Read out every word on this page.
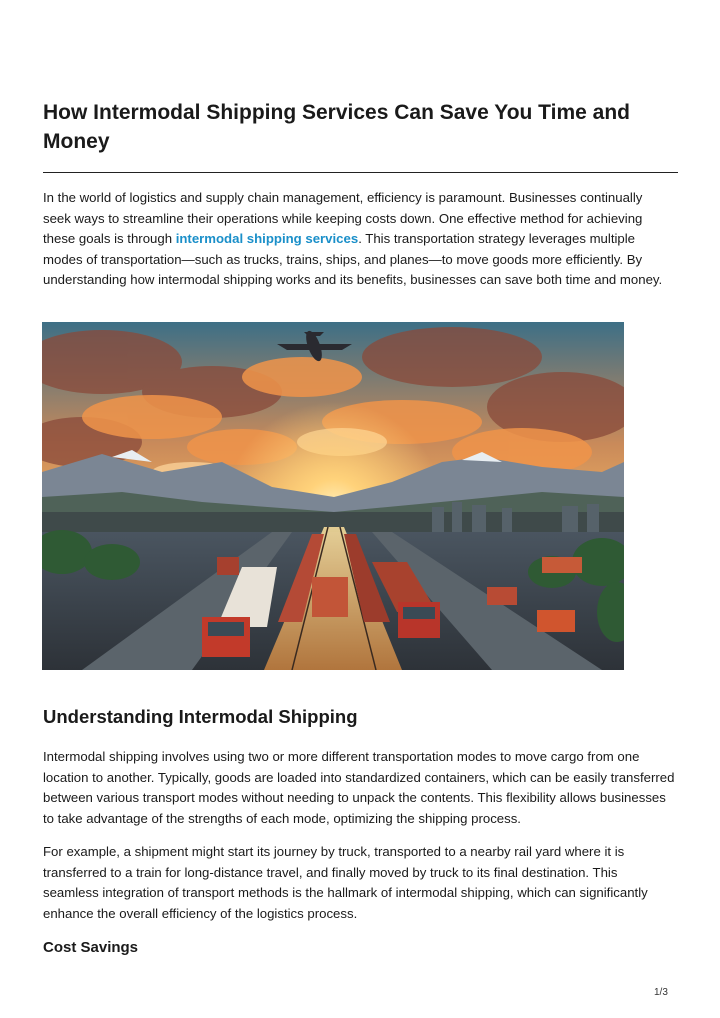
How Intermodal Shipping Services Can Save You Time and Money

In the world of logistics and supply chain management, efficiency is paramount. Businesses continually seek ways to streamline their operations while keeping costs down. One effective method for achieving these goals is through intermodal shipping services. This transportation strategy leverages multiple modes of transportation—such as trucks, trains, ships, and planes—to move goods more efficiently. By understanding how intermodal shipping works and its benefits, businesses can save both time and money.

Understanding Intermodal Shipping

Intermodal shipping involves using two or more different transportation modes to move cargo from one location to another. Typically, goods are loaded into standardized containers, which can be easily transferred between various transport modes without needing to unpack the contents. This flexibility allows businesses to take advantage of the strengths of each mode, optimizing the shipping process.

For example, a shipment might start its journey by truck, transported to a nearby rail yard where it is transferred to a train for long-distance travel, and finally moved by truck to its final destination. This seamless integration of transport methods is the hallmark of intermodal shipping, which can significantly enhance the overall efficiency of the logistics process.

Cost Savings
1/3
